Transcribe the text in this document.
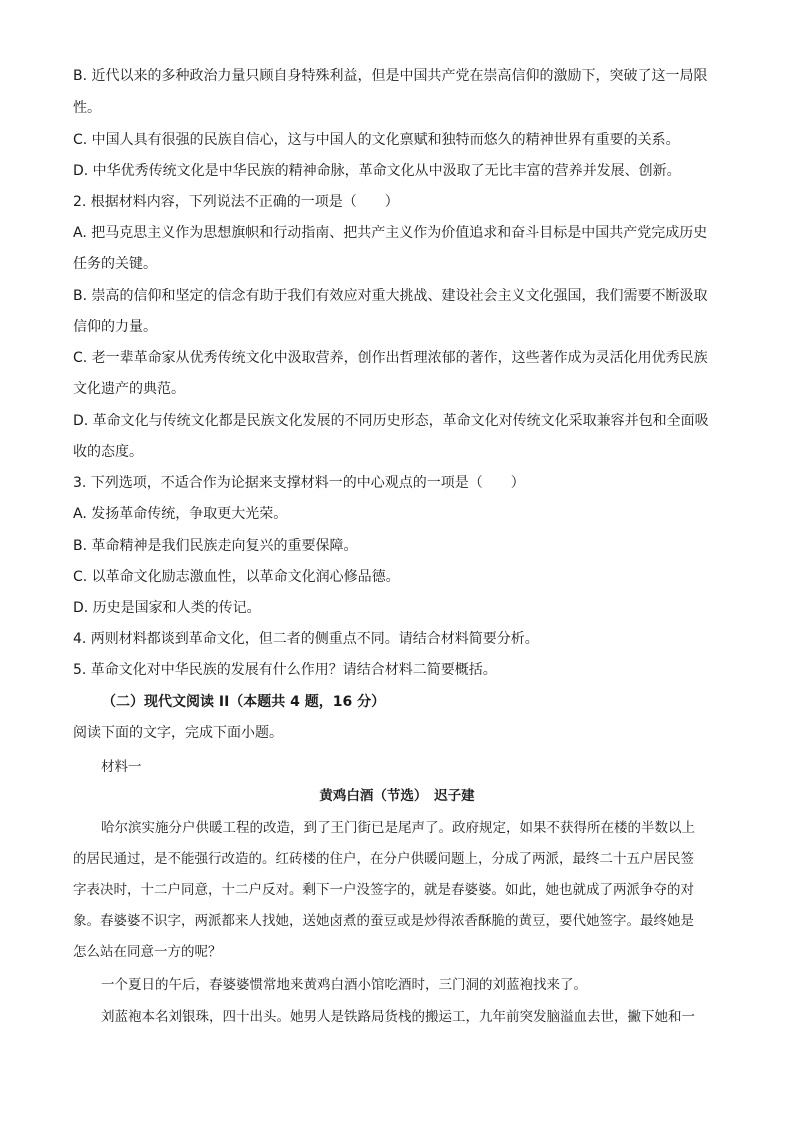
B. 近代以来的多种政治力量只顾自身特殊利益，但是中国共产党在崇高信仰的激励下，突破了这一局限
性。
C. 中国人具有很强的民族自信心，这与中国人的文化禀赋和独特而悠久的精神世界有重要的关系。
D. 中华优秀传统文化是中华民族的精神命脉，革命文化从中汲取了无比丰富的营养并发展、创新。
2. 根据材料内容，下列说法不正确的一项是（　　）
A. 把马克思主义作为思想旗帜和行动指南、把共产主义作为价值追求和奋斗目标是中国共产党完成历史
任务的关键。
B. 崇高的信仰和坚定的信念有助于我们有效应对重大挑战、建设社会主义文化强国，我们需要不断汲取
信仰的力量。
C. 老一辈革命家从优秀传统文化中汲取营养，创作出哲理浓郁的著作，这些著作成为灵活化用优秀民族
文化遗产的典范。
D. 革命文化与传统文化都是民族文化发展的不同历史形态，革命文化对传统文化采取兼容并包和全面吸
收的态度。
3. 下列选项，不适合作为论据来支撑材料一的中心观点的一项是（　　）
A. 发扬革命传统，争取更大光荣。
B. 革命精神是我们民族走向复兴的重要保障。
C. 以革命文化励志激血性，以革命文化润心修品德。
D. 历史是国家和人类的传记。
4. 两则材料都谈到革命文化，但二者的侧重点不同。请结合材料简要分析。
5. 革命文化对中华民族的发展有什么作用？请结合材料二简要概括。
（二）现代文阅读 II（本题共 4 题，16 分）
阅读下面的文字，完成下面小题。
材料一
黄鸡白酒（节选）　迟子建
哈尔滨实施分户供暖工程的改造，到了王门街已是尾声了。政府规定，如果不获得所在楼的半数以上
的居民通过，是不能强行改造的。红砖楼的住户，在分户供暖问题上，分成了两派，最终二十五户居民签
字表决时，十二户同意，十二户反对。剩下一户没签字的，就是春婆婆。如此，她也就成了两派争夺的对
象。春婆婆不识字，两派都来人找她，送她卤煮的蚕豆或是炒得浓香酥脆的黄豆，要代她签字。最终她是
怎么站在同意一方的呢？
一个夏日的午后，春婆婆惯常地来黄鸡白酒小馆吃酒时，三门洞的刘蓝袍找来了。
刘蓝袍本名刘银珠，四十出头。她男人是铁路局货栈的搬运工，九年前突发脑溢血去世，撇下她和一
